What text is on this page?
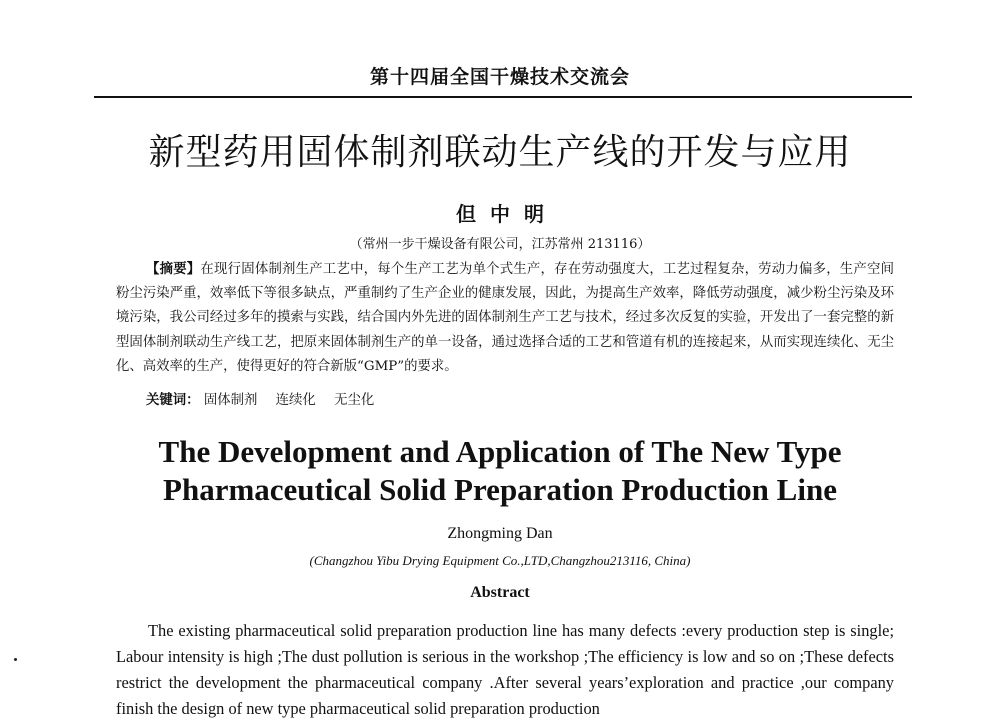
第十四届全国干燥技术交流会
新型药用固体制剂联动生产线的开发与应用
但中明
（常州一步干燥设备有限公司，江苏常州 213116）
【摘要】在现行固体制剂生产工艺中，每个生产工艺为单个式生产，存在劳动强度大，工艺过程复杂，劳动力偏多，生产空间粉尘污染严重，效率低下等很多缺点，严重制约了生产企业的健康发展，因此，为提高生产效率，降低劳动强度，减少粉尘污染及环境污染，我公司经过多年的摸索与实践，结合国内外先进的固体制剂生产工艺与技术，经过多次反复的实验，开发出了一套完整的新型固体制剂联动生产线工艺，把原来固体制剂生产的单一设备，通过选择合适的工艺和管道有机的连接起来，从而实现连续化、无尘化、高效率的生产，使得更好的符合新版“GMP”的要求。
关键词： 固体制剂 连续化 无尘化
The Development and Application of The New Type
Pharmaceutical Solid Preparation Production Line
Zhongming Dan
(Changzhou Yibu Drying Equipment Co.,LTD,Changzhou213116, China)
Abstract
The existing pharmaceutical solid preparation production line has many defects :every production step is single; Labour intensity is high ;The dust pollution is serious in the workshop ;The efficiency is low and so on ;These defects restrict the development the pharmaceutical company .After several years’exploration and practice ,our company finish the design of new type pharmaceutical solid preparation production
